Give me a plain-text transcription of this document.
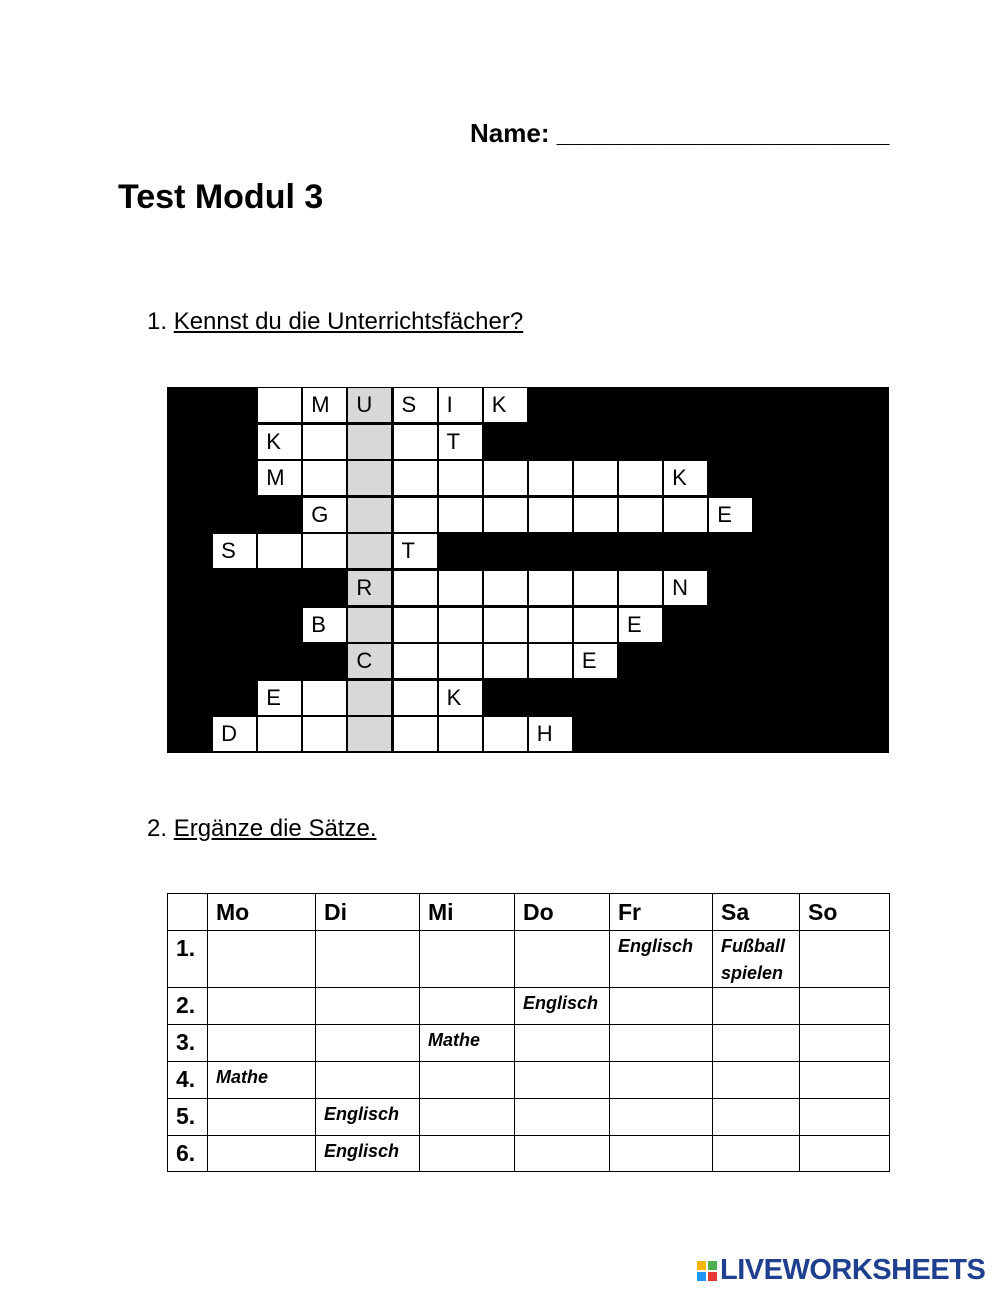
Name: _______________________
Test Modul 3
1. Kennst du die Unterrichtsfächer?
M	U	S	I	K
K	T
M	K
G	E
S	T
R	N
B	E
C	E
E	K
D	H
2. Ergänze die Sätze.
	Mo	Di	Mi	Do	Fr	Sa	So
1.					Englisch	Fußball spielen	
2.				Englisch			
3.			Mathe				
4.	Mathe						
5.		Englisch					
6.		Englisch					
LIVEWORKSHEETS
